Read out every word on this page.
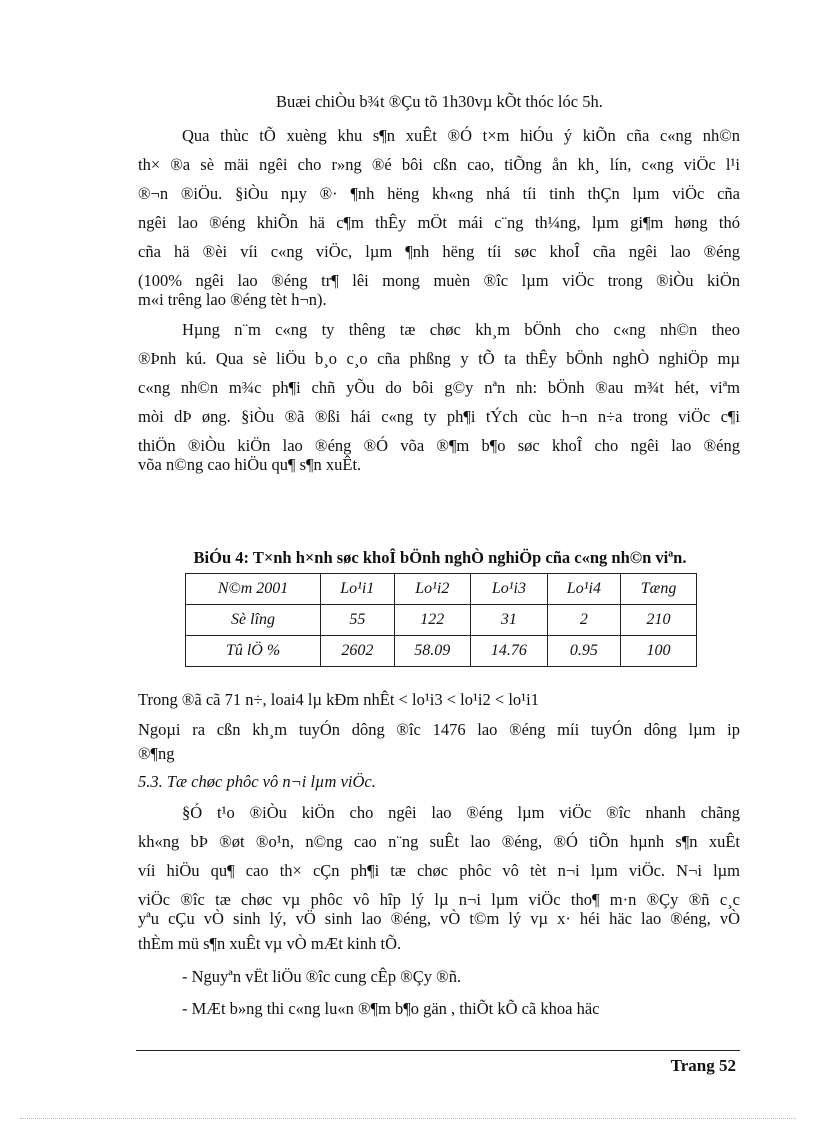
Buæi chiÒu b¾t ®Çu tõ 1h30vµ kÕt thóc lóc 5h.
Qua thùc tÕ xuèng khu s¶n xuÊt ®Ó t×m hiÓu ý kiÕn cña c«ng nh©n
th× ®a sè mäi ngêi cho r»ng ®é bôi cßn cao, tiÕng ån kh¸ lín, c«ng viÖc l¹i
®¬n ®iÖu. §iÒu nµy ®· ¶nh hëng kh«ng nhá tíi tinh thÇn lµm viÖc cña
ngêi lao ®éng khiÕn hä c¶m thÊy mÖt mái c¨ng th¼ng, lµm gi¶m høng thó
cña hä ®èi víi c«ng viÖc, lµm ¶nh hëng tíi søc khoÎ cña ngêi lao ®éng
(100% ngêi lao ®éng tr¶ lêi mong muèn ®îc lµm viÖc trong ®iÒu kiÖn
m«i trêng lao ®éng tèt h¬n).
Hµng n¨m c«ng ty thêng tæ chøc kh¸m bÖnh cho c«ng nh©n theo
®Þnh kú. Qua sè liÖu b¸o c¸o cña phßng y tÕ ta thÊy bÖnh nghÒ nghiÖp mµ
c«ng nh©n m¾c ph¶i chñ yÕu do bôi g©y nªn nh: bÖnh ®au m¾t hét, viªm
mòi dÞ øng. §iÒu ®ã ®ßi hái c«ng ty ph¶i tÝch cùc h¬n n÷a trong viÖc c¶i
thiÖn ®iÒu kiÖn lao ®éng ®Ó võa ®¶m b¶o søc khoÎ cho ngêi lao ®éng
võa n©ng cao hiÖu qu¶ s¶n xuÊt.
BiÓu 4: T×nh h×nh søc khoÎ bÖnh nghÒ nghiÖp cña c«ng nh©n viªn.
N©m 2001	Lo¹i1	Lo¹i2	Lo¹i3	Lo¹i4	Tæng
Sè lîng	55	122	31	2	210
Tû lÖ %	2602	58.09	14.76	0.95	100
Trong ®ã cã 71 n÷, loai4 lµ kÐm nhÊt < lo¹i3 < lo¹i2 < lo¹i1
Ngoµi ra cßn kh¸m tuyÓn dông ®îc 1476 lao ®éng míi tuyÓn dông lµm ip
®¶ng
5.3. Tæ chøc phôc vô n¬i lµm viÖc.
§Ó t¹o ®iÒu kiÖn cho ngêi lao ®éng lµm viÖc ®îc nhanh chãng
kh«ng bÞ ®øt ®o¹n, n©ng cao n¨ng suÊt lao ®éng, ®Ó tiÕn hµnh s¶n xuÊt
víi hiÖu qu¶ cao th× cÇn ph¶i tæ chøc phôc vô tèt n¬i lµm viÖc. N¬i lµm
viÖc ®îc tæ chøc vµ phôc vô hîp lý lµ n¬i lµm viÖc tho¶ m·n ®Çy ®ñ c¸c
yªu cÇu vÒ sinh lý, vÖ sinh lao ®éng, vÒ t©m lý vµ x· héi häc lao ®éng, vÒ
thÈm mü s¶n xuÊt vµ vÒ mÆt kinh tÕ.
- Nguyªn vËt liÖu ®îc cung cÊp ®Çy ®ñ.
- MÆt b»ng thi c«ng lu«n ®¶m b¶o gän , thiÕt kÕ cã khoa häc
Trang 52
